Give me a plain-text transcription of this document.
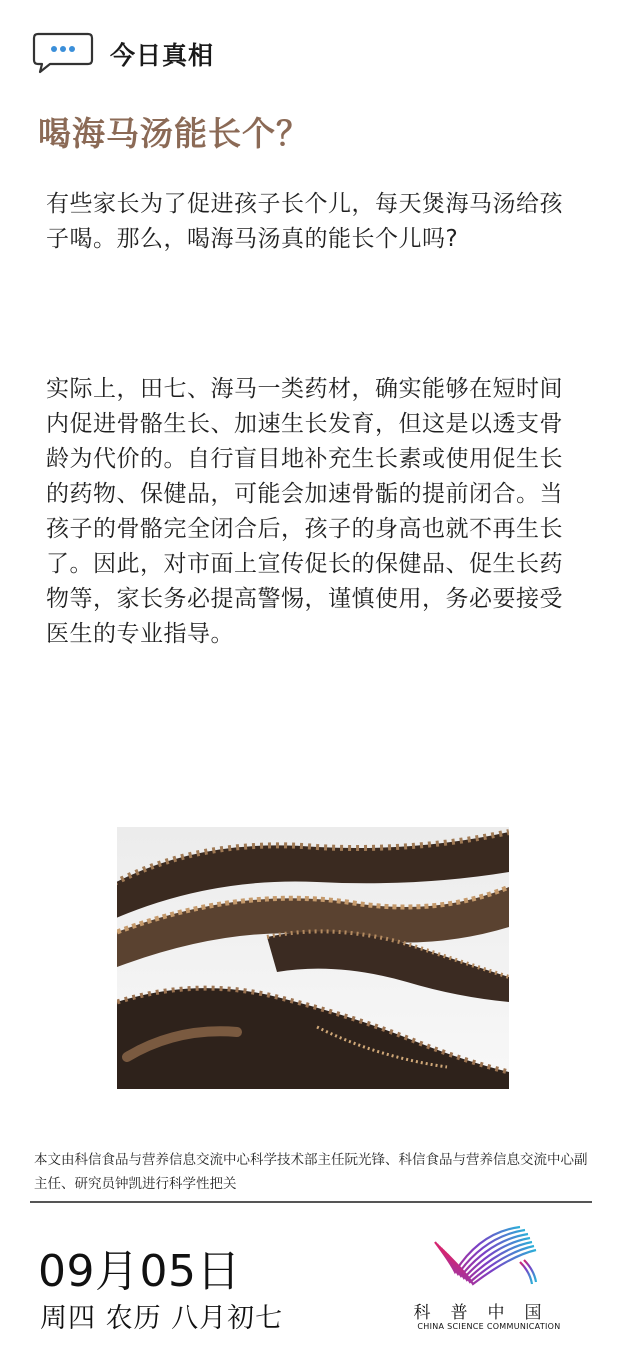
今日真相
喝海马汤能长个？
有些家长为了促进孩子长个儿，每天煲海马汤给孩子喝。那么，喝海马汤真的能长个儿吗?
实际上，田七、海马一类药材，确实能够在短时间内促进骨骼生长、加速生长发育，但这是以透支骨龄为代价的。自行盲目地补充生长素或使用促生长的药物、保健品，可能会加速骨骺的提前闭合。当孩子的骨骼完全闭合后，孩子的身高也就不再生长了。因此，对市面上宣传促长的保健品、促生长药物等，家长务必提高警惕，谨慎使用，务必要接受医生的专业指导。
本文由科信食品与营养信息交流中心科学技术部主任阮光锋、科信食品与营养信息交流中心副主任、研究员钟凯进行科学性把关
09月05日
周四 农历 八月初七	科普中国
CHINA SCIENCE COMMUNICATION
